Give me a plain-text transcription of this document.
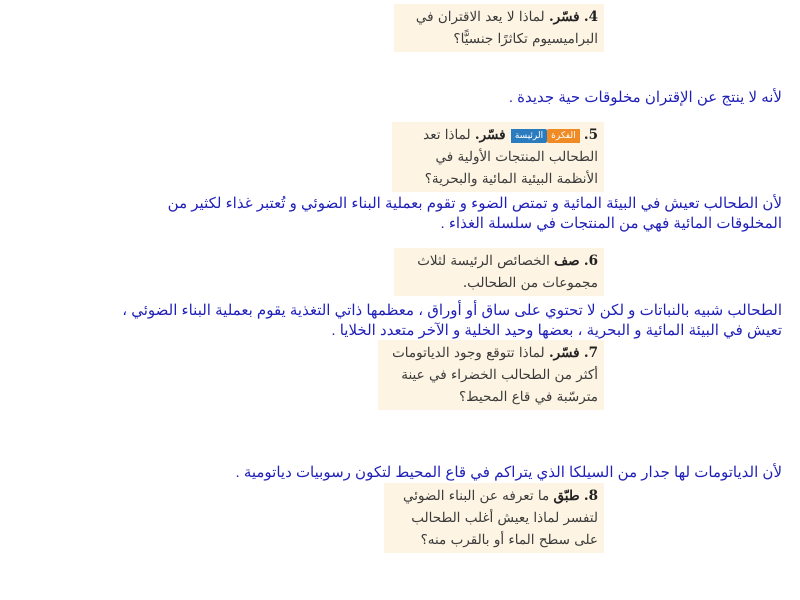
4. فسّر. لماذا لا يعد الاقتران في
البراميسيوم تكاثرًا جنسيًّا؟
لأنه لا ينتج عن الإقتران مخلوقات حية جديدة .
5. الفكرةالرئيسة فسّر. لماذا تعد
الطحالب المنتجات الأولية في
الأنظمة البيئية المائية والبحرية؟
لأن الطحالب تعيش في البيئة المائية و تمتص الضوء و تقوم بعملية البناء الضوئي و تُعتبر غذاء لكثير من
المخلوقات المائية فهي من المنتجات في سلسلة الغذاء .
6. صف الخصائص الرئيسة لثلاث
مجموعات من الطحالب.
الطحالب شبيه بالنباتات و لكن لا تحتوي على ساق أو أوراق ، معظمها ذاتي التغذية يقوم بعملية البناء الضوئي ،
تعيش في البيئة المائية و البحرية ، بعضها وحيد الخلية و الآخر متعدد الخلايا .
7. فسّر. لماذا تتوقع وجود الدياتومات
أكثر من الطحالب الخضراء في عينة
مترسّبة في قاع المحيط؟
لأن الدياتومات لها جدار من السيلكا الذي يتراكم في قاع المحيط لتكون رسوبيات دياتومية .
8. طبّق ما تعرفه عن البناء الضوئي
لتفسر لماذا يعيش أغلب الطحالب
على سطح الماء أو بالقرب منه؟
